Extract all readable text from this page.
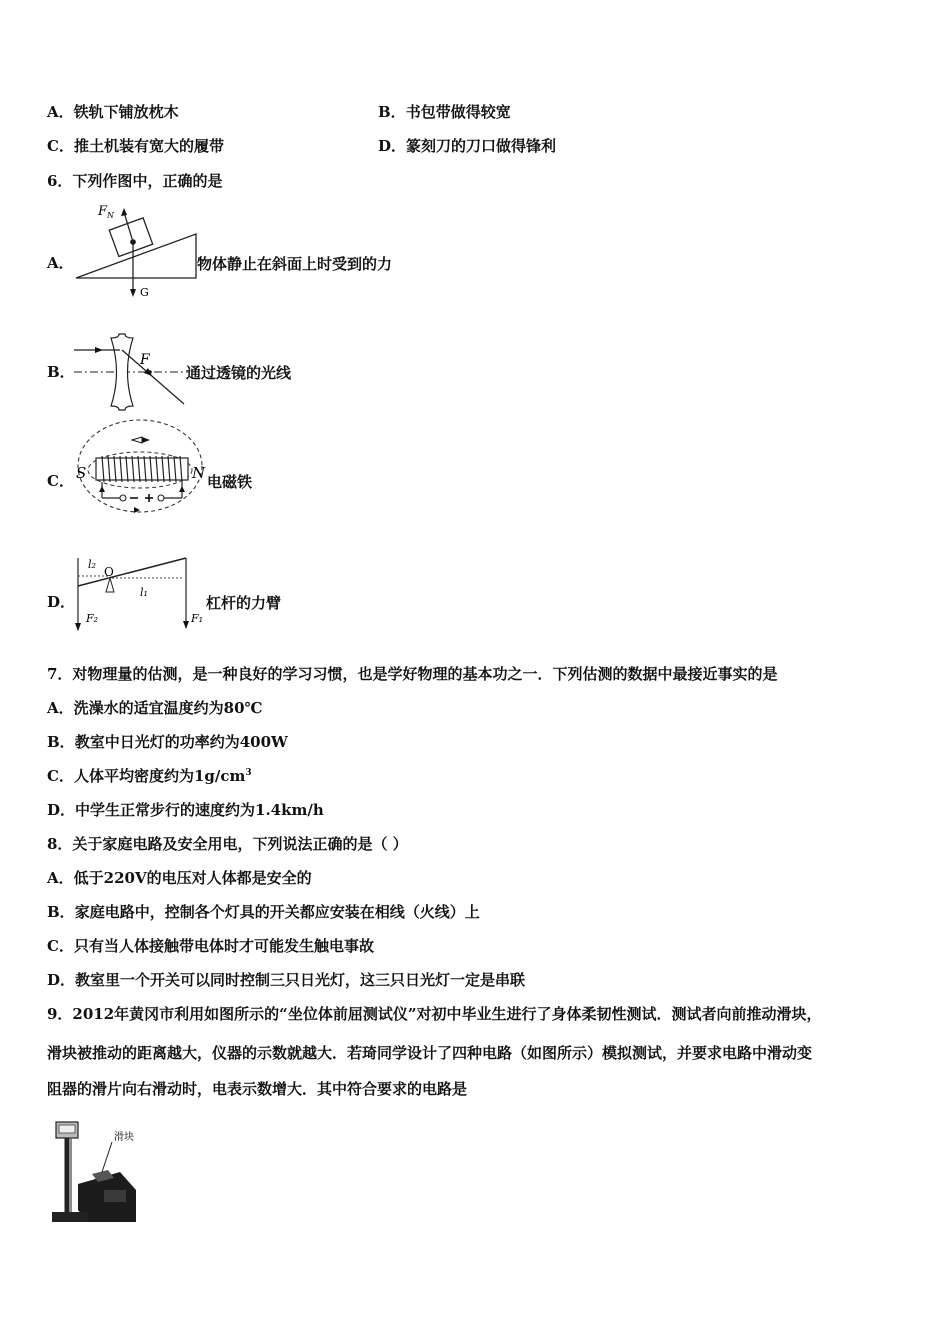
A．铁轨下铺放枕木	B．书包带做得较宽
C．推土机装有宽大的履带	D．篆刻刀的刀口做得锋利
6．下列作图中，正确的是
A．
$F_N$
G
物体静止在斜面上时受到的力
B．
F
通过透镜的光线
C． S	N 电磁铁
D．
l₂
O
l₁
F₂	F₁
杠杆的力臂
7．对物理量的估测，是一种良好的学习习惯，也是学好物理的基本功之一．下列估测的数据中最接近事实的是
A．洗澡水的适宜温度约为80℃
B．教室中日光灯的功率约为400W
C．人体平均密度约为$1g/cm^3$
D．中学生正常步行的速度约为1.4km/h
8．关于家庭电路及安全用电，下列说法正确的是（ ）
A．低于220V的电压对人体都是安全的
B．家庭电路中，控制各个灯具的开关都应安装在相线（火线）上
C．只有当人体接触带电体时才可能发生触电事故
D．教室里一个开关可以同时控制三只日光灯，这三只日光灯一定是串联
9．2012年黄冈市利用如图所示的“坐位体前屈测试仪”对初中毕业生进行了身体柔韧性测试．测试者向前推动滑块，
滑块被推动的距离越大，仪器的示数就越大．若琦同学设计了四种电路（如图所示）模拟测试，并要求电路中滑动变
阻器的滑片向右滑动时，电表示数增大．其中符合要求的电路是
滑块
